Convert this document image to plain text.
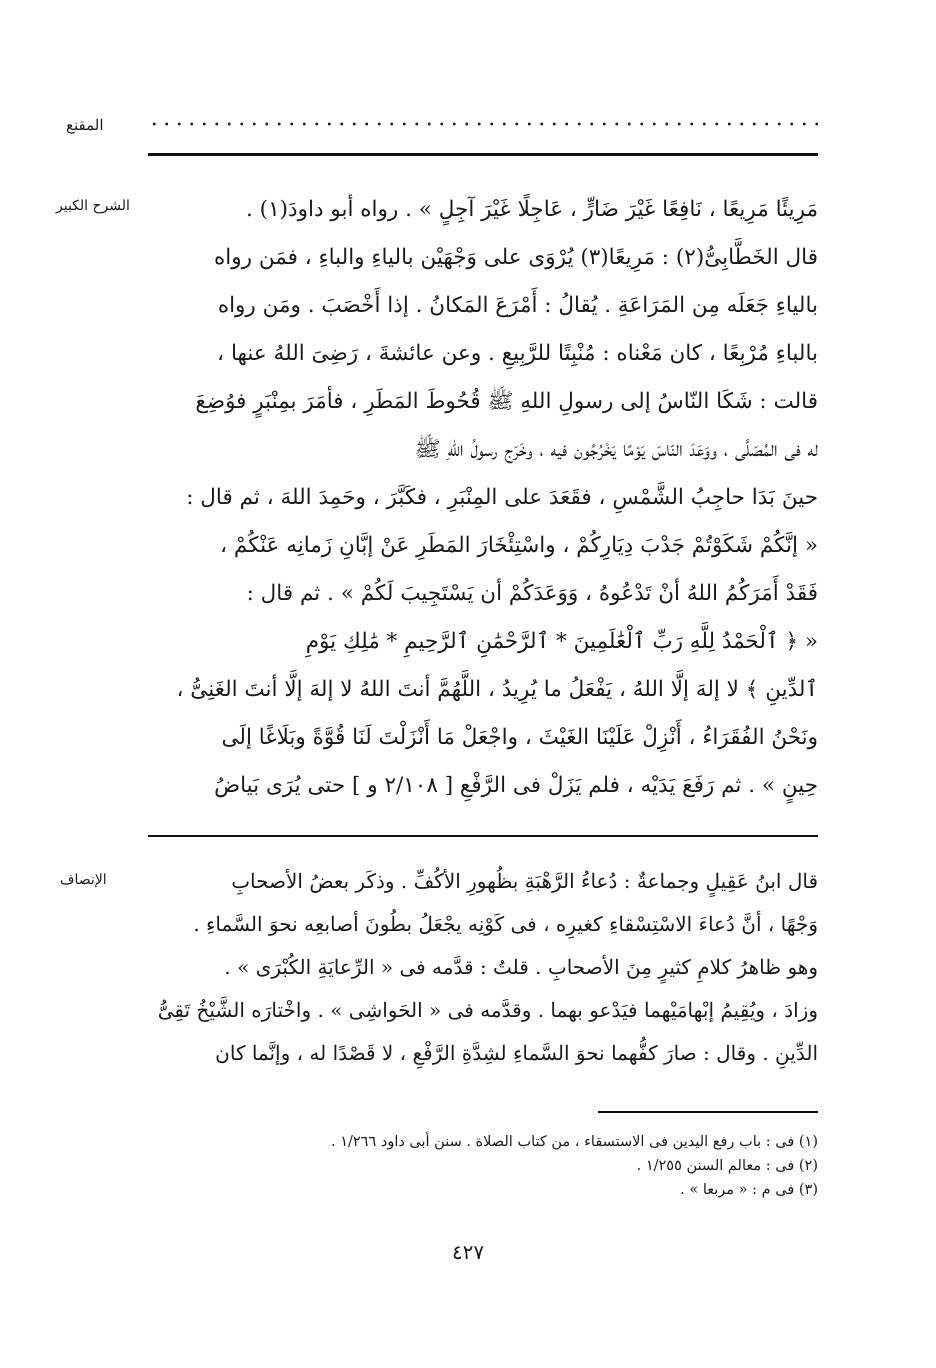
المقنع
الشرح الكبير
الإنصاف
مَرِيئًا مَرِيعًا ، نَافِعًا غَيْرَ ضَارٍّ ، عَاجِلًا غَيْرَ آجِلٍ » . رواه أبو داودَ(١) .
قال الخَطَّابِىُّ(٢) : مَرِيعًا(٣) يُرْوَى على وَجْهَيْن بالياءِ والباءِ ، فمَن رواه
بالياءِ جَعَلَه مِن المَرَاعَةِ . يُقالُ : أَمْرَعَ المَكانُ . إذا أَخْصَبَ . ومَن رواه
بالباءِ مُرْبِعًا ، كان مَعْناه : مُنْبِتًا للرَّبِيعِ . وعن عائشةَ ، رَضِىَ اللهُ عنها ،
قالت : شَكَا النّاسُ إلى رسولِ اللهِ ﷺ قُحُوطَ المَطَرِ ، فأمَرَ بمِنْبَرٍ فوُضِعَ
له فى المُصَلَّى ، ووَعَدَ النّاسَ يَوْمًا يَخْرُجُون فيه ، وخَرَج رسولُ اللهِ ﷺ
حينَ بَدَا حاجِبُ الشَّمْسِ ، فقَعَدَ على المِنْبَرِ ، فكَبَّرَ ، وحَمِدَ اللهَ ، ثم قال :
« إنَّكُمْ شَكَوْتُمْ جَدْبَ دِيَارِكُمْ ، واسْتِئْخَارَ المَطَرِ عَنْ إبَّانِ زَمانِه عَنْكُمْ ،
فَقَدْ أَمَرَكُمُ اللهُ أنْ تَدْعُوهُ ، وَوَعَدَكُمْ أن يَسْتَجِيبَ لَكُمْ » . ثم قال :
« ﴿ ٱلْحَمْدُ لِلَّهِ رَبِّ ٱلْعَٰلَمِينَ * ٱلرَّحْمَٰنِ ٱلرَّحِيمِ * مَٰلِكِ يَوْمِ
ٱلدِّينِ ﴾ لا إلهَ إلَّا اللهُ ، يَفْعَلُ ما يُرِيدُ ، اللَّهُمَّ أنتَ اللهُ لا إلهَ إلَّا أنتَ الغَنِىُّ ،
ونَحْنُ الفُقَرَاءُ ، أَنْزِلْ عَلَيْنَا الغَيْثَ ، واجْعَلْ مَا أَنْزَلْتَ لَنَا قُوَّةً وبَلَاغًا إلَى
حِينٍ » . ثم رَفَعَ يَدَيْه ، فلم يَزَلْ فى الرَّفْعِ [ ٢/١٠٨ و ] حتى يُرَى بَياضُ
قال ابنُ عَقِيلٍ وجماعةٌ : دُعاءُ الرَّهْبَةِ بظُهورِ الأكُفِّ . وذكَر بعضُ الأصحابِ
وَجْهًا ، أنَّ دُعاءَ الاسْتِسْقاءِ كغيرِه ، فى كَوْنِه يجْعَلُ بطُونَ أصابعِه نحوَ السَّماءِ .
وهو ظاهرُ كلامِ كثيرٍ مِنَ الأصحابِ . قلتُ : قدَّمه فى « الرِّعايَةِ الكُبْرَى » .
وزادَ ، ويُقِيمُ إبْهامَيْهما فيَدْعو بهما . وقدَّمه فى « الحَواشِى » . واخْتارَه الشَّيْخُ تَقِىُّ
الدِّينِ . وقال : صارَ كفُّهما نحوَ السَّماءِ لشِدَّةِ الرَّفْعِ ، لا قَصْدًا له ، وإنَّما كان
(١) فى : باب رفع اليدين فى الاستسقاء ، من كتاب الصلاة . سنن أبى داود ١/٢٦٦ .
(٢) فى : معالم السنن ١/٢٥٥ .
(٣) فى م : « مربعا » .
٤٢٧
